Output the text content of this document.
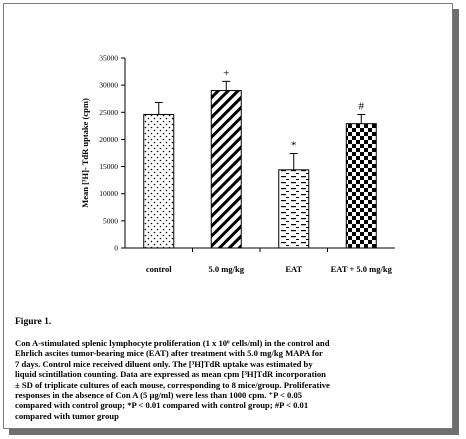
0
5000
10000
15000
20000
25000
30000
35000
+
*
#
control	5.0 mg/kg	EAT	EAT + 5.0 mg/kg
Mean [³H]- TdR uptake (cpm)
Figure 1.

Con A-stimulated splenic lymphocyte proliferation (1 x 10⁶ cells/ml) in the control and

Ehrlich ascites tumor-bearing mice (EAT) after treatment with 5.0 mg/kg MAPA for

7 days. Control mice received diluent only. The [³H]TdR uptake was estimated by

liquid scintillation counting. Data are expressed as mean cpm [³H]TdR incorporation

± SD of triplicate cultures of each mouse, corresponding to 8 mice/group. Proliferative

responses in the absence of Con A (5 μg/ml) were less than 1000 cpm. ⁺P < 0.05

compared with control group; *P < 0.01 compared with control group; #P < 0.01

compared with tumor group
